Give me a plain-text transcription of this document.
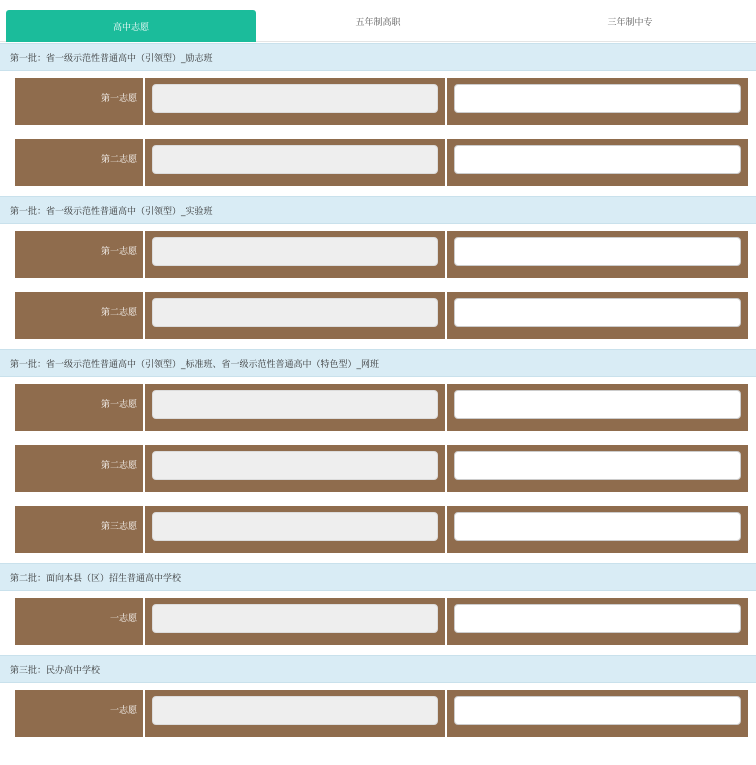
高中志愿	五年制高职	三年制中专
第一批：省一级示范性普通高中（引领型）_励志班
第一志愿
第二志愿
第一批：省一级示范性普通高中（引领型）_实验班
第一志愿
第二志愿
第一批：省一级示范性普通高中（引领型）_标准班、省一级示范性普通高中（特色型）_网班
第一志愿
第二志愿
第三志愿
第二批：面向本县（区）招生普通高中学校
一志愿
第三批：民办高中学校
一志愿
